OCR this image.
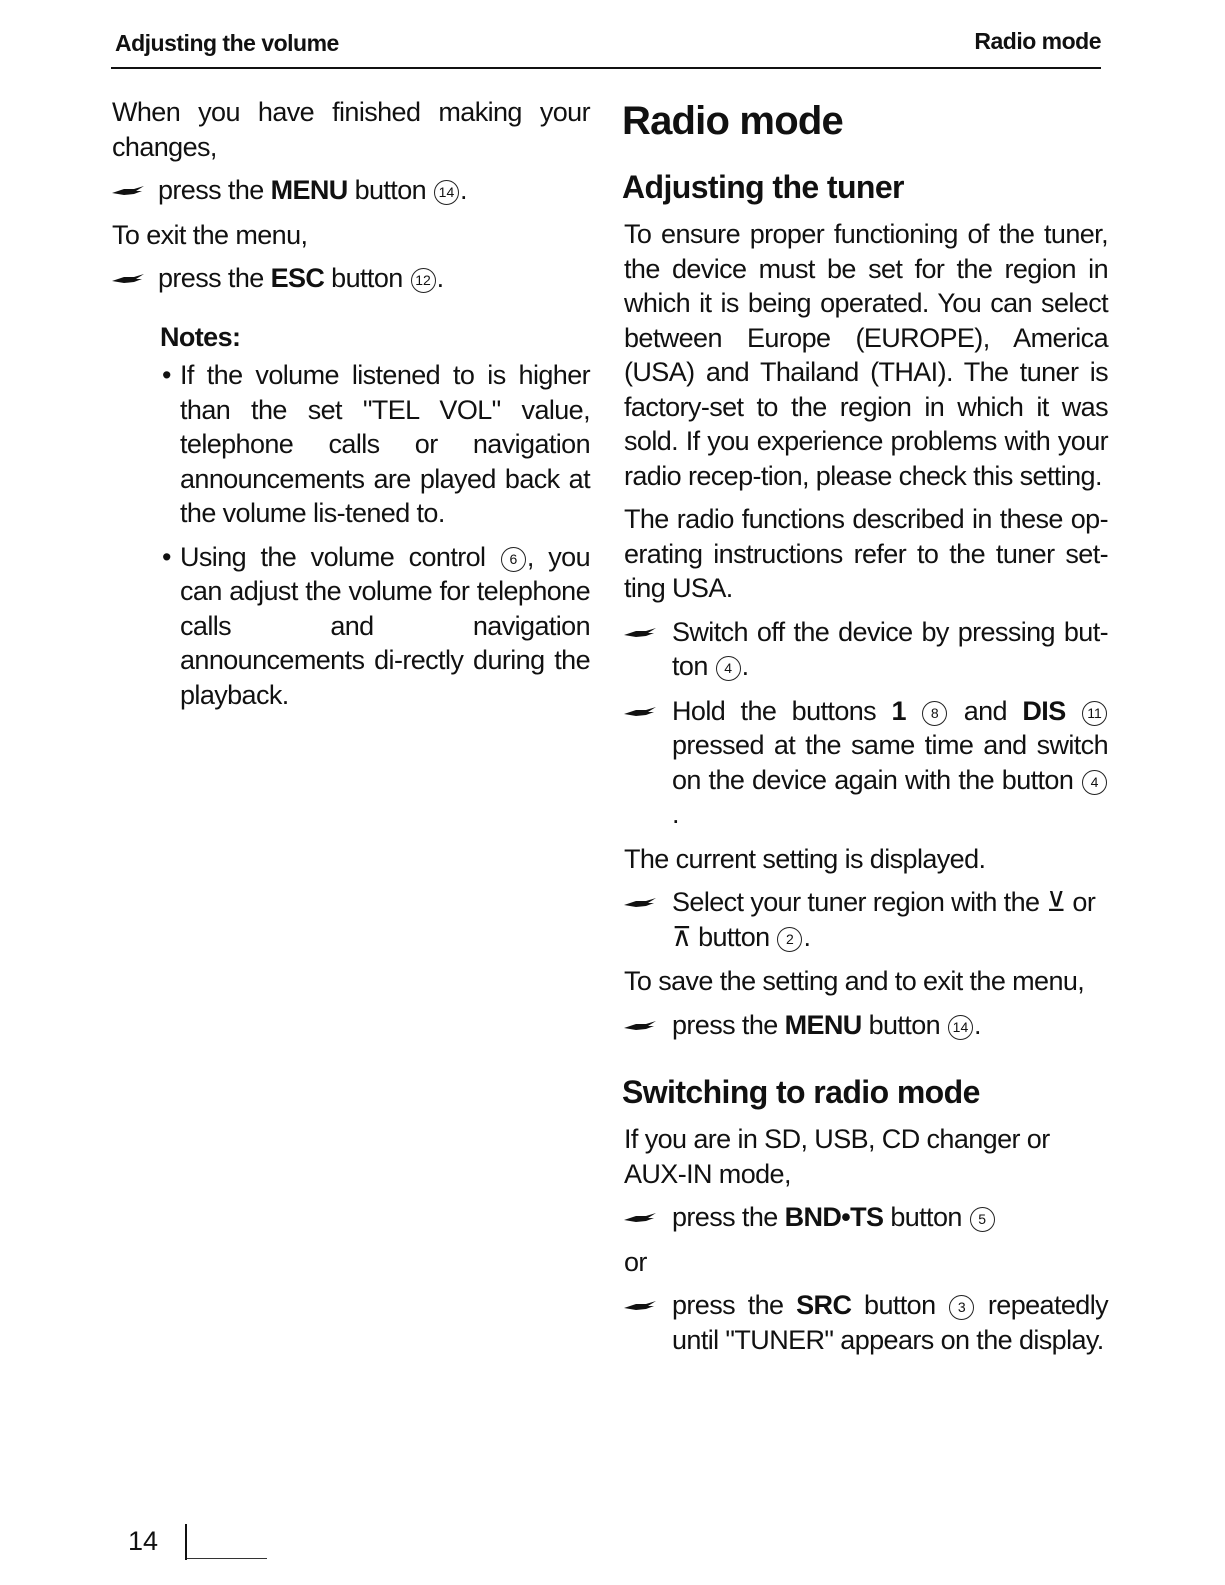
Adjusting the volume	Radio mode

When you have finished making your changes,

press the MENU button 14 .

To exit the menu,

press the ESC button 12 .
Notes:
• If the volume listened to is higher than the set "TEL VOL" value, telephone calls or navigation announcements are played back at the volume lis-tened to.
• Using the volume control 6 , you can adjust the volume for telephone calls and navigation announcements di-rectly during the playback.
Radio mode
Adjusting the tuner

To ensure proper functioning of the tuner, the device must be set for the region in which it is being operated. You can select between Europe (EUROPE), America (USA) and Thailand (THAI). The tuner is factory-set to the region in which it was sold. If you experience problems with your radio recep-tion, please check this setting.

The radio functions described in these op-erating instructions refer to the tuner set-ting USA.

Switch off the device by pressing but-ton 4 .
Hold the buttons 1 8 and DIS 11 pressed at the same time and switch on the device again with the button 4.

The current setting is displayed.

Select your tuner region with the ⊻ or ⊼ button 2 .

To save the setting and to exit the menu,

press the MENU button 14 .
Switching to radio mode

If you are in SD, USB, CD changer or AUX-IN mode,

press the BND•TS button 5

or

press the SRC button 3 repeatedly until "TUNER" appears on the display.
14
